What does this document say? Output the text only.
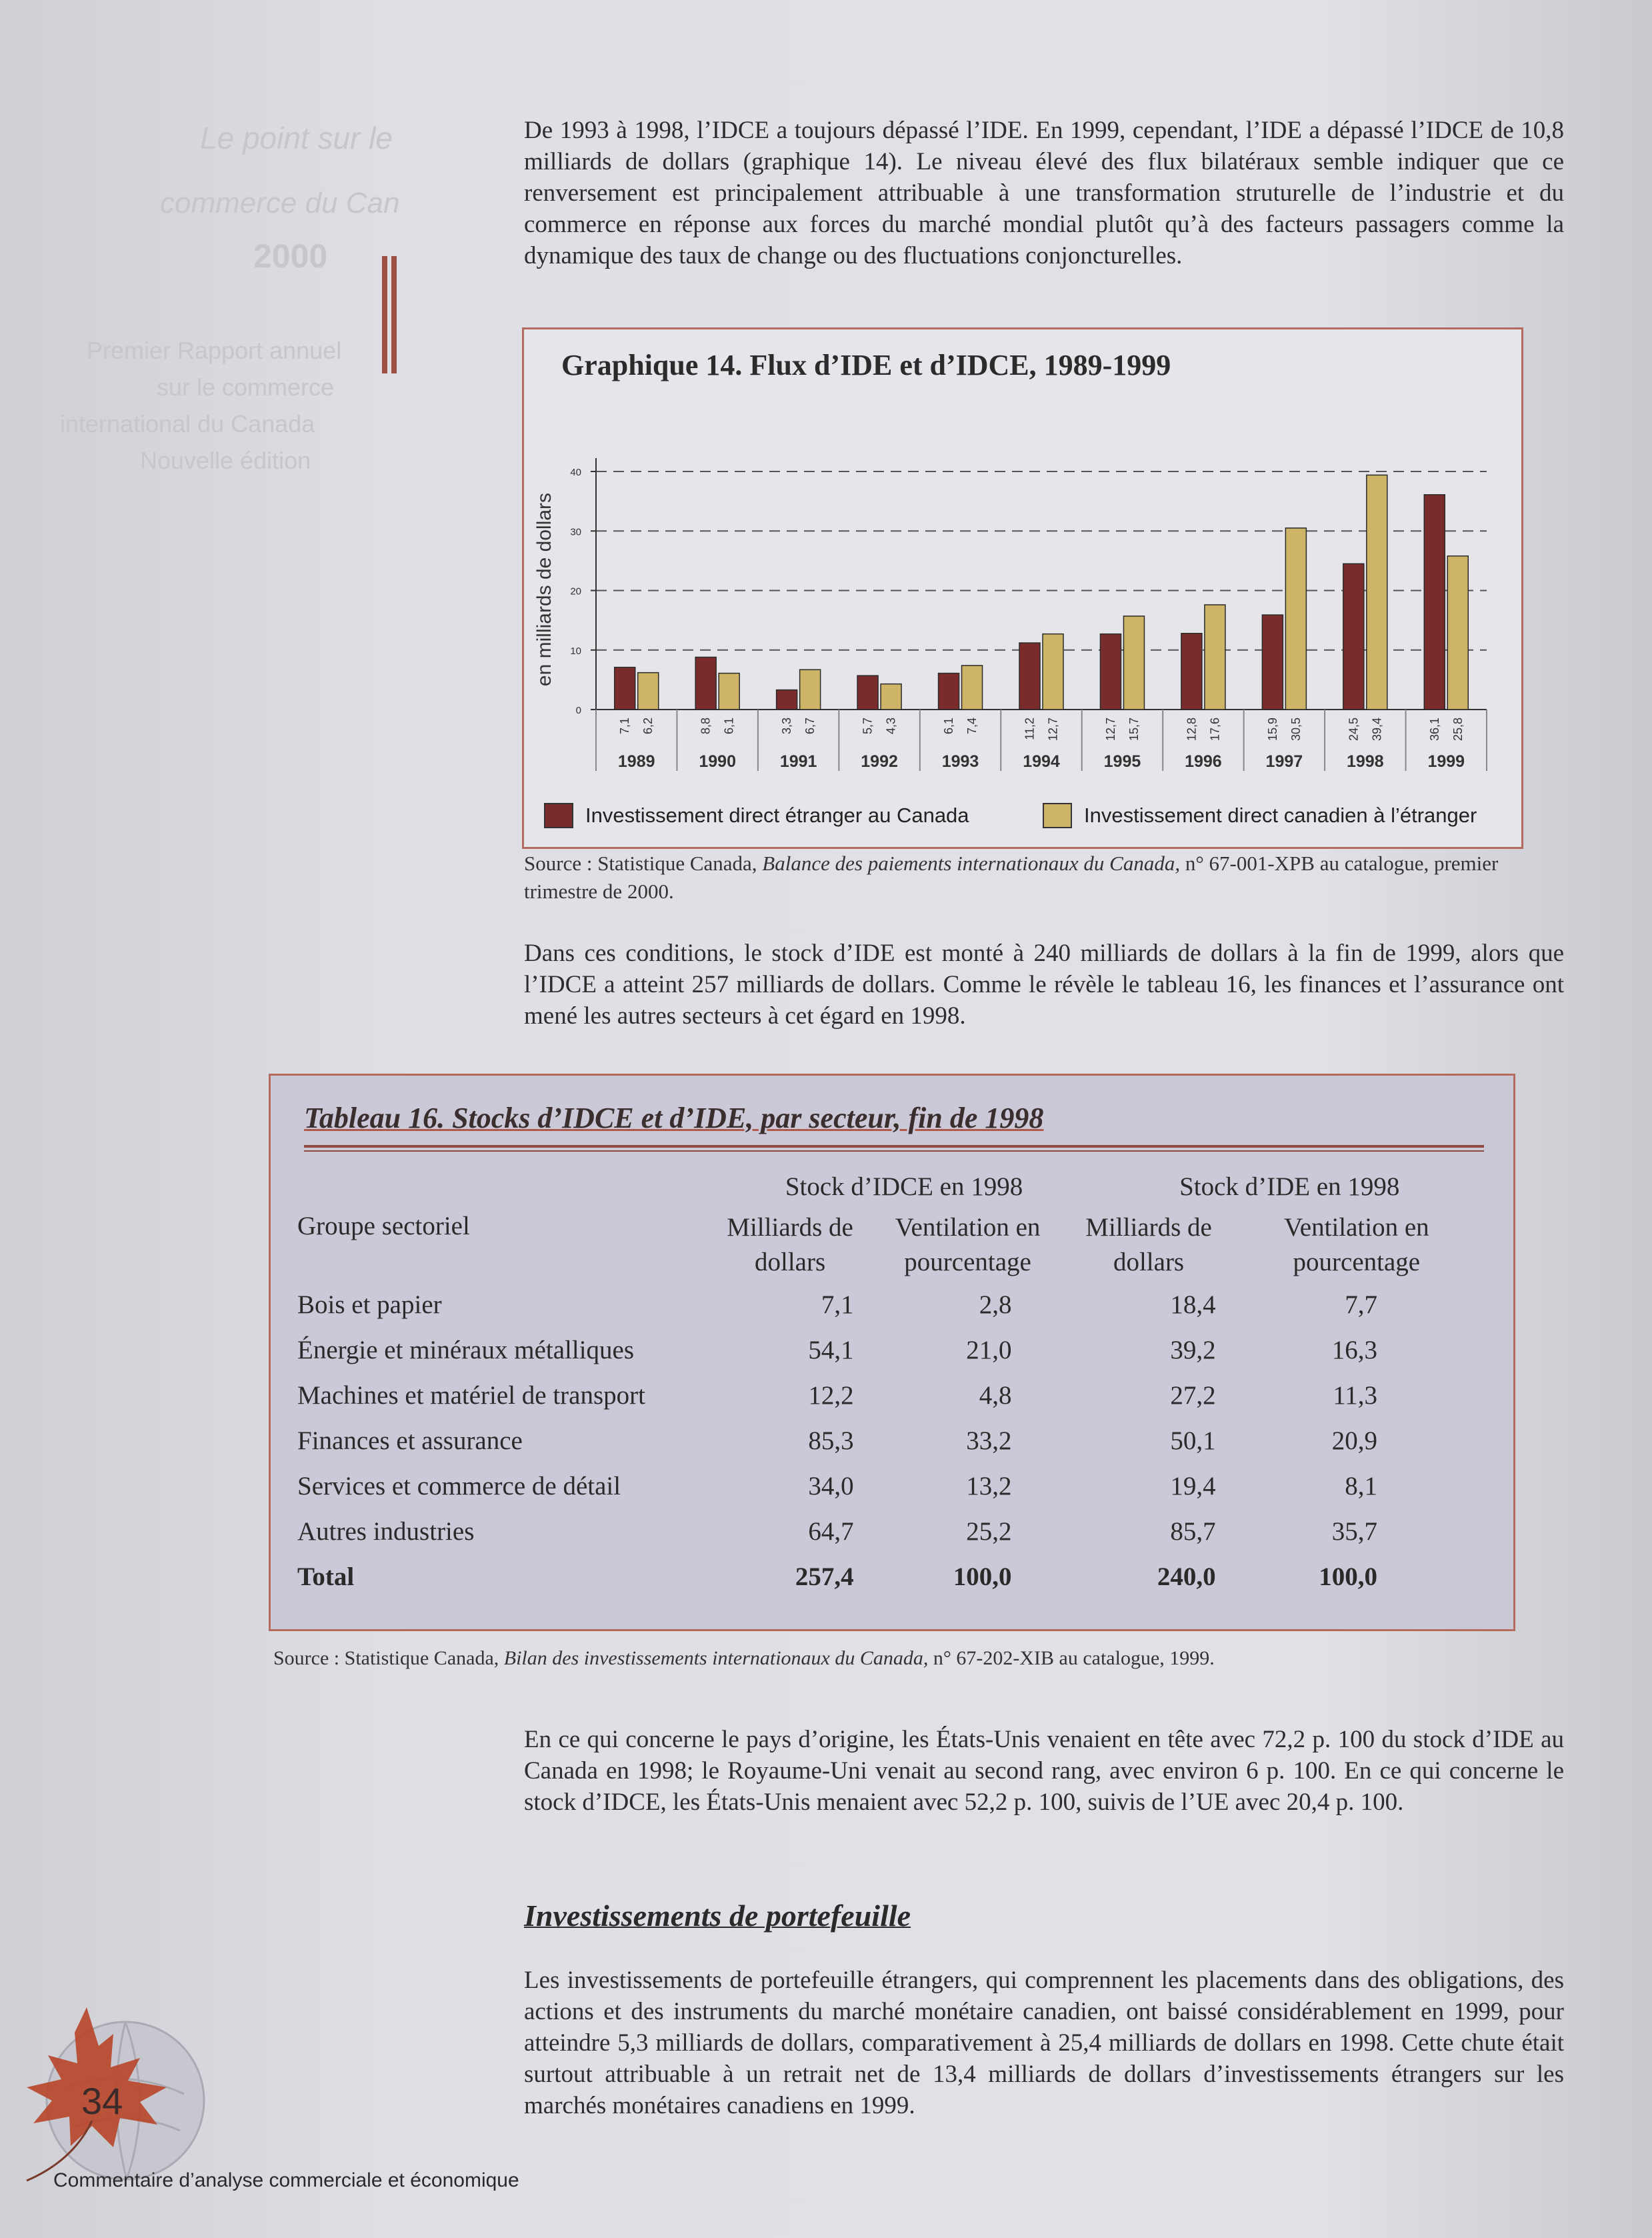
Le point sur le
commerce du Can
2000
Premier Rapport annuel
sur le commerce
international du Canada
Nouvelle édition

De 1993 à 1998, l’IDCE a toujours dépassé l’IDE. En 1999, cependant, l’IDE a dépassé l’IDCE de 10,8 milliards de dollars (graphique 14). Le niveau élevé des flux bilatéraux semble indiquer que ce renversement est principalement attribuable à une transformation struturelle de l’industrie et du commerce en réponse aux forces du marché mondial plutôt qu’à des facteurs passagers comme la dynamique des taux de change ou des fluctuations conjoncturelles.

Graphique 14. Flux d’IDE et d’IDCE, 1989-1999
en milliards de dollars
0
10
20
30
40
7,1 6,2
1989
8,8 6,1
1990
3,3 6,7
1991
5,7 4,3
1992
6,1 7,4
1993
11,2 12,7
1994
12,7 15,7
1995
12,8 17,6
1996
15,9 30,5
1997
24,5 39,4
1998
36,1 25,8
1999
Investissement direct étranger au Canada	Investissement direct canadien à l’étranger
Source : Statistique Canada, Balance des paiements internationaux du Canada, n° 67-001-XPB au catalogue, premier trimestre de 2000.

Dans ces conditions, le stock d’IDE est monté à 240 milliards de dollars à la fin de 1999, alors que l’IDCE a atteint 257 milliards de dollars. Comme le révèle le tableau 16, les finances et l’assurance ont mené les autres secteurs à cet égard en 1998.

Tableau 16. Stocks d’IDCE et d’IDE, par secteur, fin de 1998
	Stock d’IDCE en 1998		Stock d’IDE en 1998	
Groupe sectoriel	Milliards de dollars	Ventilation en pourcentage	Milliards de dollars	Ventilation en pourcentage
Bois et papier	7,1	2,8	18,4	7,7
Énergie et minéraux métalliques	54,1	21,0	39,2	16,3
Machines et matériel de transport	12,2	4,8	27,2	11,3
Finances et assurance	85,3	33,2	50,1	20,9
Services et commerce de détail	34,0	13,2	19,4	8,1
Autres industries	64,7	25,2	85,7	35,7
Total	257,4	100,0	240,0	100,0
Source : Statistique Canada, Bilan des investissements internationaux du Canada, n° 67-202-XIB au catalogue, 1999.

En ce qui concerne le pays d’origine, les États-Unis venaient en tête avec 72,2 p. 100 du stock d’IDE au Canada en 1998; le Royaume-Uni venait au second rang, avec environ 6 p. 100. En ce qui concerne le stock d’IDCE, les États-Unis menaient avec 52,2 p. 100, suivis de l’UE avec 20,4 p. 100.

Investissements de portefeuille

Les investissements de portefeuille étrangers, qui comprennent les placements dans des obligations, des actions et des instruments du marché monétaire canadien, ont baissé considérablement en 1999, pour atteindre 5,3 milliards de dollars, comparativement à 25,4 milliards de dollars en 1998. Cette chute était surtout attribuable à un retrait net de 13,4 milliards de dollars d’investissements étrangers sur les marchés monétaires canadiens en 1999.

34
Commentaire d’analyse commerciale et économique
